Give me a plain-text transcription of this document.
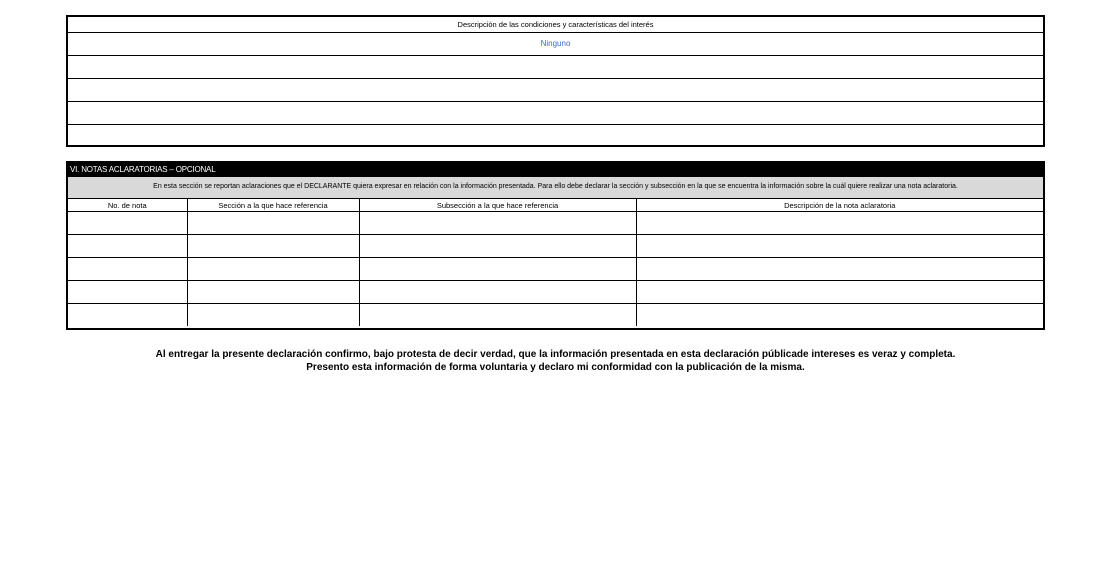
Descripción de las condiciones y características del interés
Ninguno
VI. NOTAS ACLARATORIAS – OPCIONAL
En esta sección se reportan aclaraciones que el DECLARANTE quiera expresar en relación con la información presentada. Para ello debe declarar la sección y subsección en la que se encuentra la información sobre la cuál quiere realizar una nota aclaratoria.
No. de nota	Sección a la que hace referencia	Subsección a la que hace referencia	Descripción de la nota aclaratoria

Al entregar la presente declaración confirmo, bajo protesta de decir verdad, que la información presentada en esta declaración públicade intereses es veraz y completa.
Presento esta información de forma voluntaria y declaro mi conformidad con la publicación de la misma.
